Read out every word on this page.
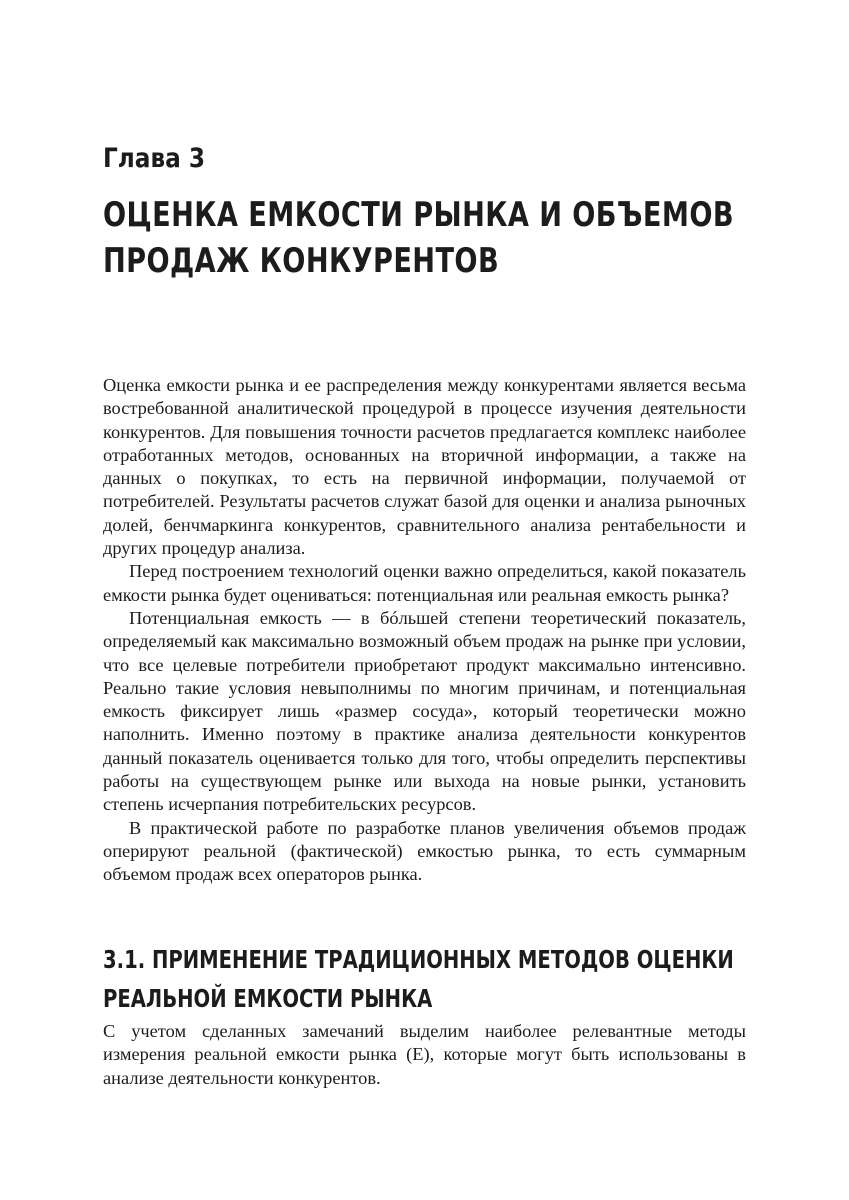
Глава 3
ОЦЕНКА ЕМКОСТИ РЫНКА И ОБЪЕМОВ
ПРОДАЖ КОНКУРЕНТОВ

Оценка емкости рынка и ее распределения между конкурентами является весьма востребованной аналитической процедурой в процессе изучения деятельности конкурентов. Для повышения точности расчетов предлагается комплекс наиболее отработанных методов, основанных на вторичной информации, а также на данных о покупках, то есть на первичной информации, получаемой от потребителей. Результаты расчетов служат базой для оценки и анализа рыночных долей, бенчмаркинга конкурентов, сравнительного анализа рентабельности и других процедур анализа.

Перед построением технологий оценки важно определиться, какой показатель емкости рынка будет оцениваться: потенциальная или реальная емкость рынка?

Потенциальная емкость — в бóльшей степени теоретический показатель, определяемый как максимально возможный объем продаж на рынке при условии, что все целевые потребители приобретают продукт максимально интенсивно. Реально такие условия невыполнимы по многим причинам, и потенциальная емкость фиксирует лишь «размер сосуда», который теоретически можно наполнить. Именно поэтому в практике анализа деятельности конкурентов данный показатель оценивается только для того, чтобы определить перспективы работы на существующем рынке или выхода на новые рынки, установить степень исчерпания потребительских ресурсов.

В практической работе по разработке планов увеличения объемов продаж оперируют реальной (фактической) емкостью рынка, то есть суммарным объемом продаж всех операторов рынка.

3.1. ПРИМЕНЕНИЕ ТРАДИЦИОННЫХ МЕТОДОВ ОЦЕНКИ
РЕАЛЬНОЙ ЕМКОСТИ РЫНКА

С учетом сделанных замечаний выделим наиболее релевантные методы измерения реальной емкости рынка (E), которые могут быть использованы в анализе деятельности конкурентов.
